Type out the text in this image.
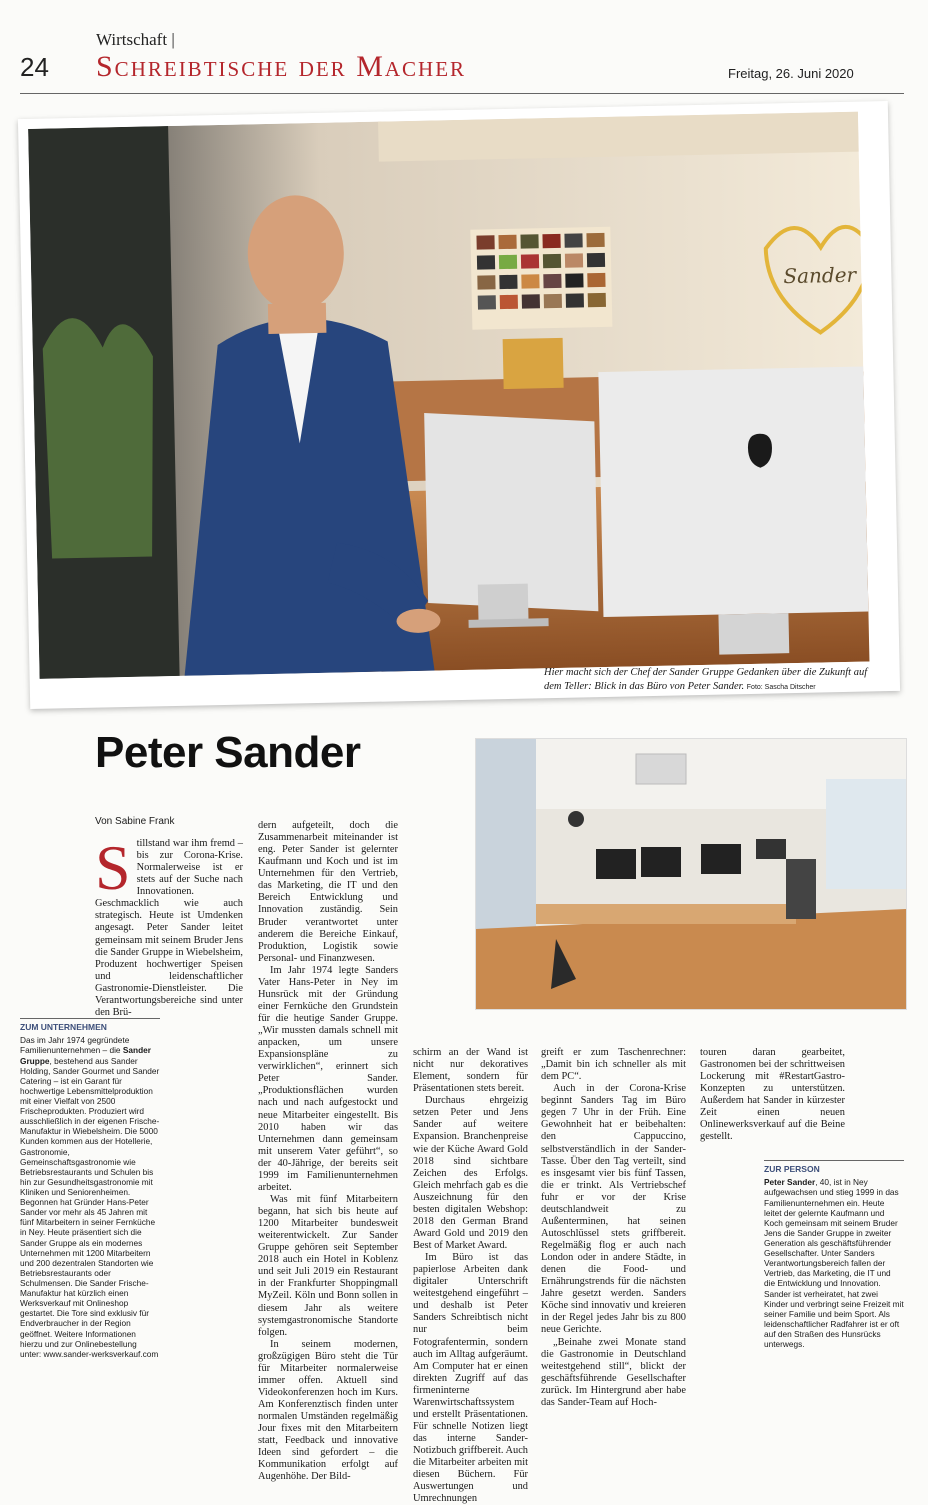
24
Wirtschaft |
Schreibtische der Macher	Freitag, 26. Juni 2020
Sander
Hier macht sich der Chef der Sander Gruppe Gedanken über die Zukunft auf dem Teller: Blick in das Büro von Peter Sander. Foto: Sascha Ditscher
Peter Sander
Von Sabine Frank

Stillstand war ihm fremd – bis zur Corona-Krise. Normalerweise ist er stets auf der Suche nach Innovationen. Geschmacklich wie auch strategisch. Heute ist Umdenken angesagt. Peter Sander leitet gemeinsam mit seinem Bruder Jens die Sander Gruppe in Wiebelsheim, Produzent hochwertiger Speisen und leidenschaftlicher Gastronomie-Dienstleister. Die Verantwortungsbereiche sind unter den Brü-

dern aufgeteilt, doch die Zusammenarbeit miteinander ist eng. Peter Sander ist gelernter Kaufmann und Koch und ist im Unternehmen für den Vertrieb, das Marketing, die IT und den Bereich Entwicklung und Innovation zuständig. Sein Bruder verantwortet unter anderem die Bereiche Einkauf, Produktion, Logistik sowie Personal- und Finanzwesen.

Im Jahr 1974 legte Sanders Vater Hans-Peter in Ney im Hunsrück mit der Gründung einer Fernküche den Grundstein für die heutige Sander Gruppe. „Wir mussten damals schnell mit anpacken, um unsere Expansionspläne zu verwirklichen“, erinnert sich Peter Sander. „Produktionsflächen wurden nach und nach aufgestockt und neue Mitarbeiter eingestellt. Bis 2010 haben wir das Unternehmen dann gemeinsam mit unserem Vater geführt“, so der 40-Jährige, der bereits seit 1999 im Familienunternehmen arbeitet.

Was mit fünf Mitarbeitern begann, hat sich bis heute auf 1200 Mitarbeiter bundesweit weiterentwickelt. Zur Sander Gruppe gehören seit September 2018 auch ein Hotel in Koblenz und seit Juli 2019 ein Restaurant in der Frankfurter Shoppingmall MyZeil. Köln und Bonn sollen in diesem Jahr als weitere systemgastronomische Standorte folgen.

In seinem modernen, großzügigen Büro steht die Tür für Mitarbeiter normalerweise immer offen. Aktuell sind Videokonferenzen hoch im Kurs. Am Konferenztisch finden unter normalen Umständen regelmäßig Jour fixes mit den Mitarbeitern statt, Feedback und innovative Ideen sind gefordert – die Kommunikation erfolgt auf Augenhöhe. Der Bild-

schirm an der Wand ist nicht nur dekoratives Element, sondern für Präsentationen stets bereit.

Durchaus ehrgeizig setzen Peter und Jens Sander auf weitere Expansion. Branchenpreise wie der Küche Award Gold 2018 sind sichtbare Zeichen des Erfolgs. Gleich mehrfach gab es die Auszeichnung für den besten digitalen Webshop: 2018 den German Brand Award Gold und 2019 den Best of Market Award.

Im Büro ist das papierlose Arbeiten dank digitaler Unterschrift weitestgehend eingeführt – und deshalb ist Peter Sanders Schreibtisch nicht nur beim Fotografentermin, sondern auch im Alltag aufgeräumt. Am Computer hat er einen direkten Zugriff auf das firmeninterne Warenwirtschaftssystem und erstellt Präsentationen. Für schnelle Notizen liegt das interne Sander-Notizbuch griffbereit. Auch die Mitarbeiter arbeiten mit diesen Büchern. Für Auswertungen und Umrechnungen

greift er zum Taschenrechner: „Damit bin ich schneller als mit dem PC“.

Auch in der Corona-Krise beginnt Sanders Tag im Büro gegen 7 Uhr in der Früh. Eine Gewohnheit hat er beibehalten: den Cappuccino, selbstverständlich in der Sander-Tasse. Über den Tag verteilt, sind es insgesamt vier bis fünf Tassen, die er trinkt. Als Vertriebschef fuhr er vor der Krise deutschlandweit zu Außenterminen, hat seinen Autoschlüssel stets griffbereit. Regelmäßig flog er auch nach London oder in andere Städte, in denen die Food- und Ernährungstrends für die nächsten Jahre gesetzt werden. Sanders Köche sind innovativ und kreieren in der Regel jedes Jahr bis zu 800 neue Gerichte.

„Beinahe zwei Monate stand die Gastronomie in Deutschland weitestgehend still“, blickt der geschäftsführende Gesellschafter zurück. Im Hintergrund aber habe das Sander-Team auf Hoch-

touren daran gearbeitet, Gastronomen bei der schrittweisen Lockerung mit #RestartGastro-Konzepten zu unterstützen. Außerdem hat Sander in kürzester Zeit einen neuen Onlinewerksverkauf auf die Beine gestellt.

ZUM UNTERNEHMEN
Das im Jahr 1974 gegründete Familienunternehmen – die Sander Gruppe, bestehend aus Sander Holding, Sander Gourmet und Sander Catering – ist ein Garant für hochwertige Lebensmittelproduktion mit einer Vielfalt von 2500 Frischeprodukten. Produziert wird ausschließlich in der eigenen Frische-Manufaktur in Wiebelsheim. Die 5000 Kunden kommen aus der Hotellerie, Gastronomie, Gemeinschaftsgastronomie wie Betriebsrestaurants und Schulen bis hin zur Gesundheitsgastronomie mit Kliniken und Seniorenheimen. Begonnen hat Gründer Hans-Peter Sander vor mehr als 45 Jahren mit fünf Mitarbeitern in seiner Fernküche in Ney. Heute präsentiert sich die Sander Gruppe als ein modernes Unternehmen mit 1200 Mitarbeitern und 200 dezentralen Standorten wie Betriebsrestaurants oder Schulmensen. Die Sander Frische-Manufaktur hat kürzlich einen Werksverkauf mit Onlineshop gestartet. Die Tore sind exklusiv für Endverbraucher in der Region geöffnet. Weitere Informationen hierzu und zur Onlinebestellung unter: www.sander-werksverkauf.com
ZUR PERSON
Peter Sander, 40, ist in Ney aufgewachsen und stieg 1999 in das Familienunternehmen ein. Heute leitet der gelernte Kaufmann und Koch gemeinsam mit seinem Bruder Jens die Sander Gruppe in zweiter Generation als geschäftsführender Gesellschafter. Unter Sanders Verantwortungsbereich fallen der Vertrieb, das Marketing, die IT und die Entwicklung und Innovation. Sander ist verheiratet, hat zwei Kinder und verbringt seine Freizeit mit seiner Familie und beim Sport. Als leidenschaftlicher Radfahrer ist er oft auf den Straßen des Hunsrücks unterwegs.
